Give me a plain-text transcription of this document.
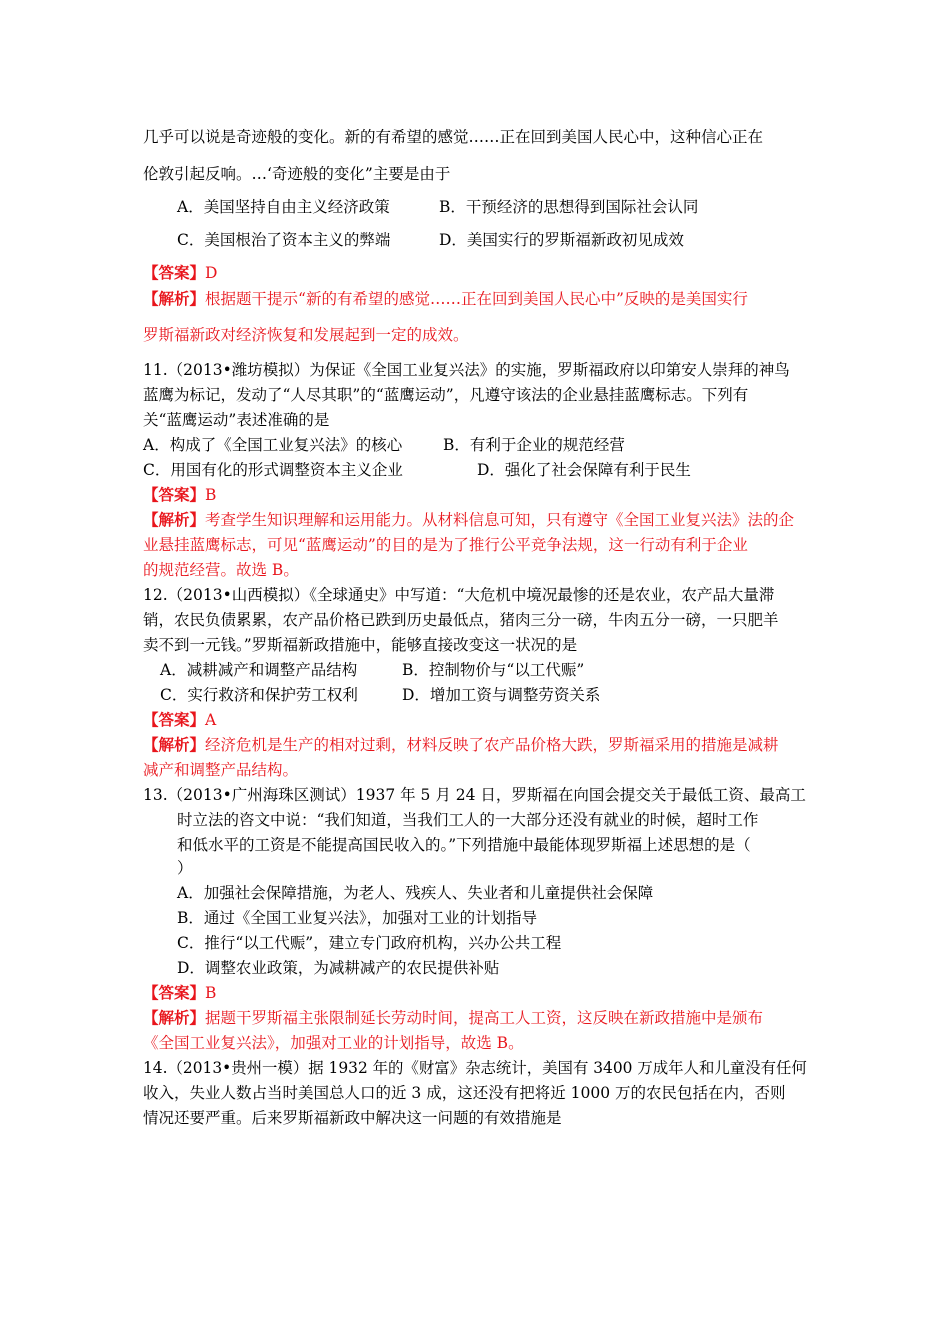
几乎可以说是奇迹般的变化。新的有希望的感觉……正在回到美国人民心中，这种信心正在
伦敦引起反响。…‘奇迹般的变化”主要是由于
A．美国坚持自由主义经济政策	B．干预经济的思想得到国际社会认同
C．美国根治了资本主义的弊端	D．美国实行的罗斯福新政初见成效
【答案】D
【解析】根据题干提示“新的有希望的感觉……正在回到美国人民心中”反映的是美国实行
罗斯福新政对经济恢复和发展起到一定的成效。
11.（2013•潍坊模拟）为保证《全国工业复兴法》的实施，罗斯福政府以印第安人崇拜的神鸟
蓝鹰为标记，发动了“人尽其职”的“蓝鹰运动”，凡遵守该法的企业悬挂蓝鹰标志。下列有
关“蓝鹰运动”表述准确的是
A．构成了《全国工业复兴法》的核心	B．有利于企业的规范经营
C．用国有化的形式调整资本主义企业	D．强化了社会保障有利于民生
【答案】B
【解析】考查学生知识理解和运用能力。从材料信息可知，只有遵守《全国工业复兴法》法的企
业悬挂蓝鹰标志，可见“蓝鹰运动”的目的是为了推行公平竞争法规，这一行动有利于企业
的规范经营。故选 B。
12.（2013•山西模拟）《全球通史》中写道：“大危机中境况最惨的还是农业，农产品大量滞
销，农民负债累累，农产品价格已跌到历史最低点，猪肉三分一磅，牛肉五分一磅，一只肥羊
卖不到一元钱。”罗斯福新政措施中，能够直接改变这一状况的是
A．减耕减产和调整产品结构	B．控制物价与“以工代赈”
C．实行救济和保护劳工权利	D．增加工资与调整劳资关系
【答案】A
【解析】经济危机是生产的相对过剩，材料反映了农产品价格大跌，罗斯福采用的措施是减耕
减产和调整产品结构。
13.（2013•广州海珠区测试）1937 年 5 月 24 日，罗斯福在向国会提交关于最低工资、最高工
时立法的咨文中说：“我们知道，当我们工人的一大部分还没有就业的时候，超时工作
和低水平的工资是不能提高国民收入的。”下列措施中最能体现罗斯福上述思想的是（
）
A．加强社会保障措施，为老人、残疾人、失业者和儿童提供社会保障
B．通过《全国工业复兴法》，加强对工业的计划指导
C．推行“以工代赈”，建立专门政府机构，兴办公共工程
D．调整农业政策，为减耕减产的农民提供补贴
【答案】B
【解析】据题干罗斯福主张限制延长劳动时间，提高工人工资，这反映在新政措施中是颁布
《全国工业复兴法》，加强对工业的计划指导，故选 B。
14.（2013•贵州一模）据 1932 年的《财富》杂志统计，美国有 3400 万成年人和儿童没有任何
收入，失业人数占当时美国总人口的近 3 成，这还没有把将近 1000 万的农民包括在内，否则
情况还要严重。后来罗斯福新政中解决这一问题的有效措施是
